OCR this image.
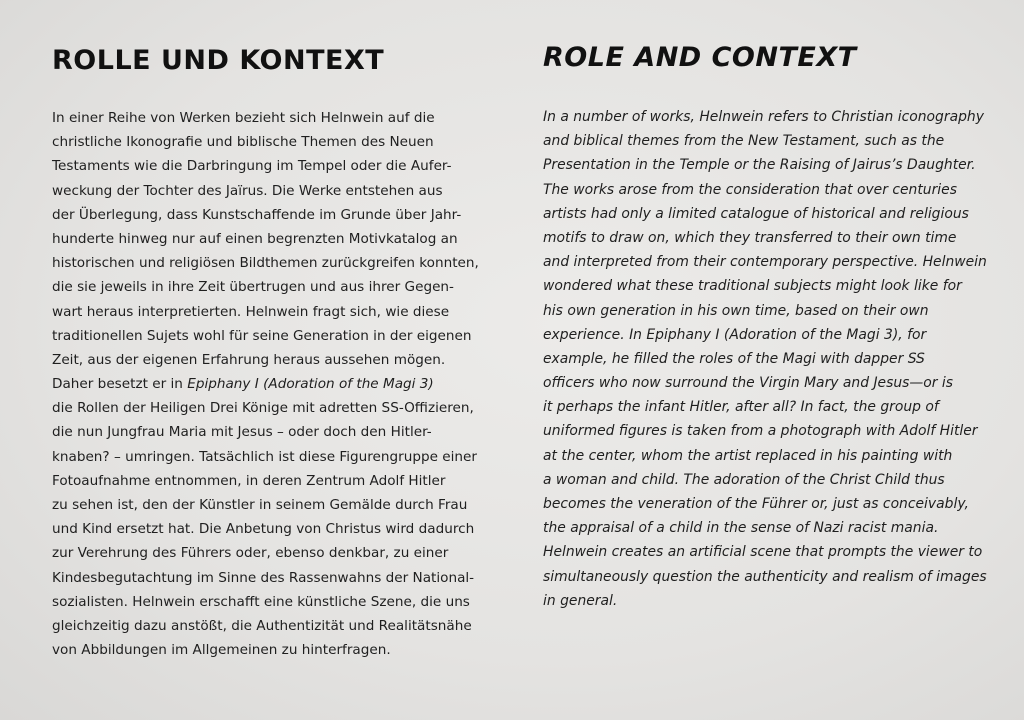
ROLLE UND KONTEXT
In einer Reihe von Werken bezieht sich Helnwein auf die
christliche Ikonografie und biblische Themen des Neuen
Testaments wie die Darbringung im Tempel oder die Aufer-
weckung der Tochter des Jaïrus. Die Werke entstehen aus
der Überlegung, dass Kunstschaffende im Grunde über Jahr-
hunderte hinweg nur auf einen begrenzten Motivkatalog an
historischen und religiösen Bildthemen zurückgreifen konnten,
die sie jeweils in ihre Zeit übertrugen und aus ihrer Gegen-
wart heraus interpretierten. Helnwein fragt sich, wie diese
traditionellen Sujets wohl für seine Generation in der eigenen
Zeit, aus der eigenen Erfahrung heraus aussehen mögen.
Daher besetzt er in Epiphany I (Adoration of the Magi 3)
die Rollen der Heiligen Drei Könige mit adretten SS-Offizieren,
die nun Jungfrau Maria mit Jesus – oder doch den Hitler-
knaben? – umringen. Tatsächlich ist diese Figurengruppe einer
Fotoaufnahme entnommen, in deren Zentrum Adolf Hitler
zu sehen ist, den der Künstler in seinem Gemälde durch Frau
und Kind ersetzt hat. Die Anbetung von Christus wird dadurch
zur Verehrung des Führers oder, ebenso denkbar, zu einer
Kindesbegutachtung im Sinne des Rassenwahns der National-
sozialisten. Helnwein erschafft eine künstliche Szene, die uns
gleichzeitig dazu anstößt, die Authentizität und Realitätsnähe
von Abbildungen im Allgemeinen zu hinterfragen.
ROLE AND CONTEXT
In a number of works, Helnwein refers to Christian iconography
and biblical themes from the New Testament, such as the
Presentation in the Temple or the Raising of Jairus’s Daughter.
The works arose from the consideration that over centuries
artists had only a limited catalogue of historical and religious
motifs to draw on, which they transferred to their own time
and interpreted from their contemporary perspective. Helnwein
wondered what these traditional subjects might look like for
his own generation in his own time, based on their own
experience. In Epiphany I (Adoration of the Magi 3), for
example, he filled the roles of the Magi with dapper SS
officers who now surround the Virgin Mary and Jesus—or is
it perhaps the infant Hitler, after all? In fact, the group of
uniformed figures is taken from a photograph with Adolf Hitler
at the center, whom the artist replaced in his painting with
a woman and child. The adoration of the Christ Child thus
becomes the veneration of the Führer or, just as conceivably,
the appraisal of a child in the sense of Nazi racist mania.
Helnwein creates an artificial scene that prompts the viewer to
simultaneously question the authenticity and realism of images
in general.
